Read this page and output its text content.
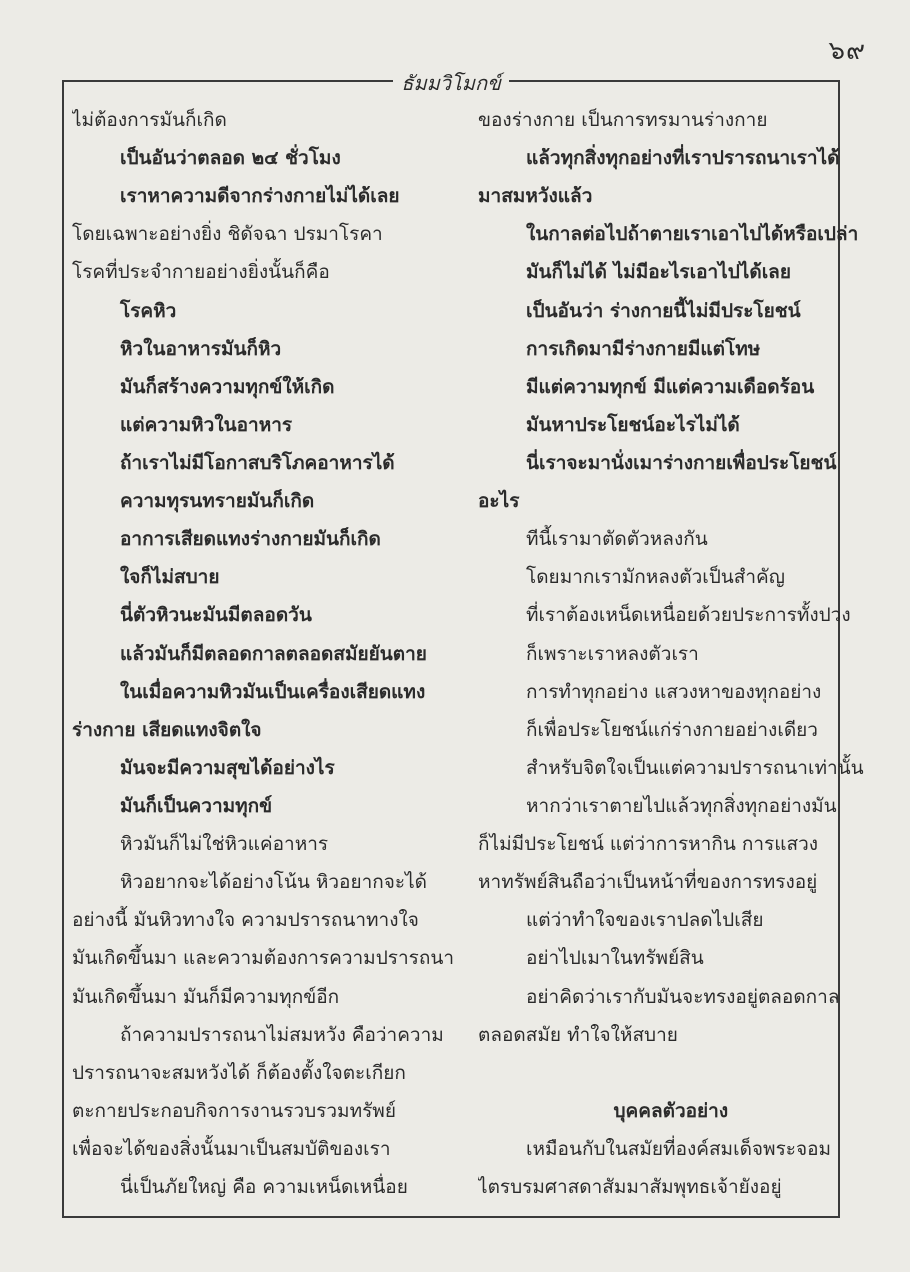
๖๙
ธัมมวิโมกข์
ไม่ต้องการมันก็เกิด
เป็นอันว่าตลอด ๒๔ ชั่วโมง
เราหาความดีจากร่างกายไม่ได้เลย
โดยเฉพาะอย่างยิ่ง ชิดัจฉา ปรมาโรคา
โรคที่ประจำกายอย่างยิ่งนั้นก็คือ
โรคหิว
หิวในอาหารมันก็หิว
มันก็สร้างความทุกข์ให้เกิด
แต่ความหิวในอาหาร
ถ้าเราไม่มีโอกาสบริโภคอาหารได้
ความทุรนทรายมันก็เกิด
อาการเสียดแทงร่างกายมันก็เกิด
ใจก็ไม่สบาย
นี่ตัวหิวนะมันมีตลอดวัน
แล้วมันก็มีตลอดกาลตลอดสมัยยันตาย
ในเมื่อความหิวมันเป็นเครื่องเสียดแทง
ร่างกาย เสียดแทงจิตใจ
มันจะมีความสุขได้อย่างไร
มันก็เป็นความทุกข์
หิวมันก็ไม่ใช่หิวแค่อาหาร
หิวอยากจะได้อย่างโน้น หิวอยากจะได้
อย่างนี้ มันหิวทางใจ ความปรารถนาทางใจ
มันเกิดขึ้นมา และความต้องการความปรารถนา
มันเกิดขึ้นมา มันก็มีความทุกข์อีก
ถ้าความปรารถนาไม่สมหวัง คือว่าความ
ปรารถนาจะสมหวังได้ ก็ต้องตั้งใจตะเกียก
ตะกายประกอบกิจการงานรวบรวมทรัพย์
เพื่อจะได้ของสิ่งนั้นมาเป็นสมบัติของเรา
นี่เป็นภัยใหญ่ คือ ความเหน็ดเหนื่อย
ของร่างกาย เป็นการทรมานร่างกาย
แล้วทุกสิ่งทุกอย่างที่เราปรารถนาเราได้
มาสมหวังแล้ว
ในกาลต่อไปถ้าตายเราเอาไปได้หรือเปล่า
มันก็ไม่ได้ ไม่มีอะไรเอาไปได้เลย
เป็นอันว่า ร่างกายนี้ไม่มีประโยชน์
การเกิดมามีร่างกายมีแต่โทษ
มีแต่ความทุกข์ มีแต่ความเดือดร้อน
มันหาประโยชน์อะไรไม่ได้
นี่เราจะมานั่งเมาร่างกายเพื่อประโยชน์
อะไร
ทีนี้เรามาตัดตัวหลงกัน
โดยมากเรามักหลงตัวเป็นสำคัญ
ที่เราต้องเหน็ดเหนื่อยด้วยประการทั้งปวง
ก็เพราะเราหลงตัวเรา
การทำทุกอย่าง แสวงหาของทุกอย่าง
ก็เพื่อประโยชน์แก่ร่างกายอย่างเดียว
สำหรับจิตใจเป็นแต่ความปรารถนาเท่านั้น
หากว่าเราตายไปแล้วทุกสิ่งทุกอย่างมัน
ก็ไม่มีประโยชน์ แต่ว่าการหากิน การแสวง
หาทรัพย์สินถือว่าเป็นหน้าที่ของการทรงอยู่
แต่ว่าทำใจของเราปลดไปเสีย
อย่าไปเมาในทรัพย์สิน
อย่าคิดว่าเรากับมันจะทรงอยู่ตลอดกาล
ตลอดสมัย ทำใจให้สบาย
บุคคลตัวอย่าง
เหมือนกับในสมัยที่องค์สมเด็จพระจอม
ไตรบรมศาสดาสัมมาสัมพุทธเจ้ายังอยู่
